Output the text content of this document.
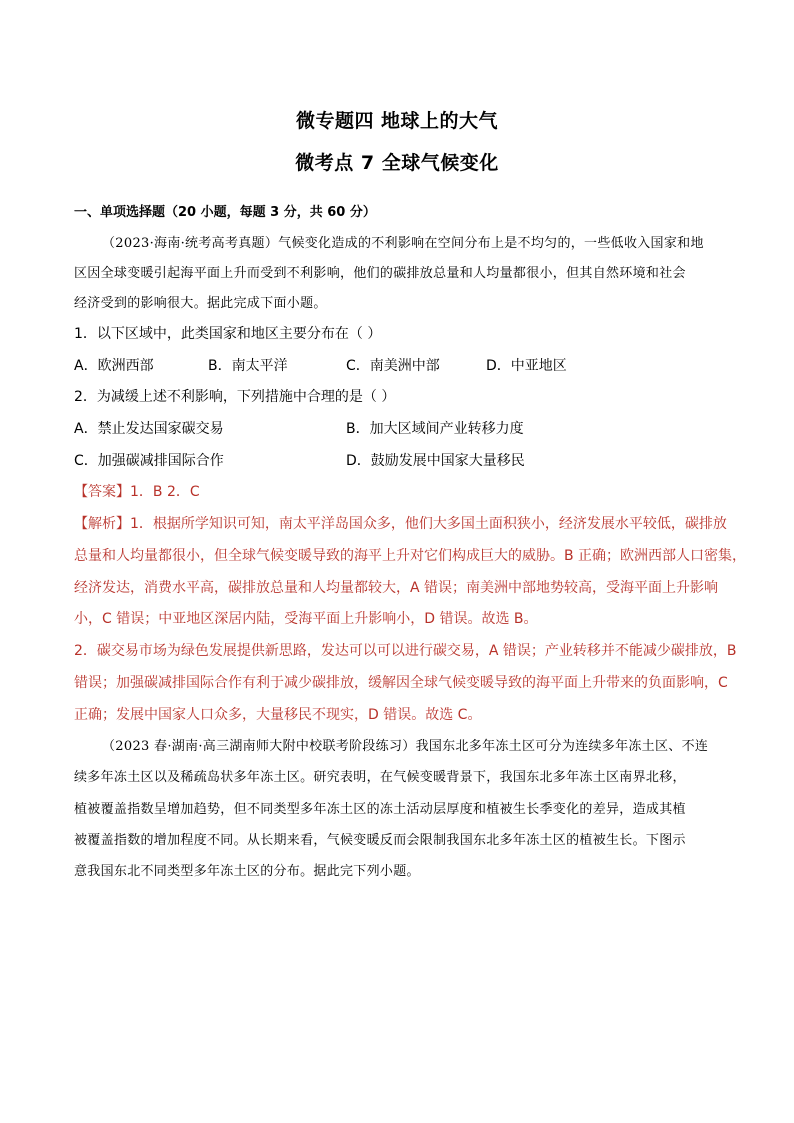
微专题四 地球上的大气
微考点 7 全球气候变化
一、单项选择题（20 小题，每题 3 分，共 60 分）
（2023·海南·统考高考真题）气候变化造成的不利影响在空间分布上是不均匀的，一些低收入国家和地
区因全球变暖引起海平面上升而受到不利影响，他们的碳排放总量和人均量都很小，但其自然环境和社会
经济受到的影响很大。据此完成下面小题。
1．以下区域中，此类国家和地区主要分布在（ ）
A．欧洲西部	B．南太平洋	C．南美洲中部	D．中亚地区
2．为减缓上述不利影响，下列措施中合理的是（ ）
A．禁止发达国家碳交易	B．加大区域间产业转移力度
C．加强碳减排国际合作	D．鼓励发展中国家大量移民
【答案】1．B 2．C
【解析】1．根据所学知识可知，南太平洋岛国众多，他们大多国土面积狭小，经济发展水平较低，碳排放
总量和人均量都很小，但全球气候变暖导致的海平上升对它们构成巨大的威胁。B 正确；欧洲西部人口密集，
经济发达，消费水平高，碳排放总量和人均量都较大，A 错误；南美洲中部地势较高，受海平面上升影响
小，C 错误；中亚地区深居内陆，受海平面上升影响小，D 错误。故选 B。
2．碳交易市场为绿色发展提供新思路，发达可以可以进行碳交易，A 错误；产业转移并不能减少碳排放，B
错误；加强碳减排国际合作有利于减少碳排放，缓解因全球气候变暖导致的海平面上升带来的负面影响，C
正确；发展中国家人口众多，大量移民不现实，D 错误。故选 C。
（2023 春·湖南·高三湖南师大附中校联考阶段练习）我国东北多年冻土区可分为连续多年冻土区、不连
续多年冻土区以及稀疏岛状多年冻土区。研究表明，在气候变暖背景下，我国东北多年冻土区南界北移，
植被覆盖指数呈增加趋势，但不同类型多年冻土区的冻土活动层厚度和植被生长季变化的差异，造成其植
被覆盖指数的增加程度不同。从长期来看，气候变暖反而会限制我国东北多年冻土区的植被生长。下图示
意我国东北不同类型多年冻土区的分布。据此完下列小题。
